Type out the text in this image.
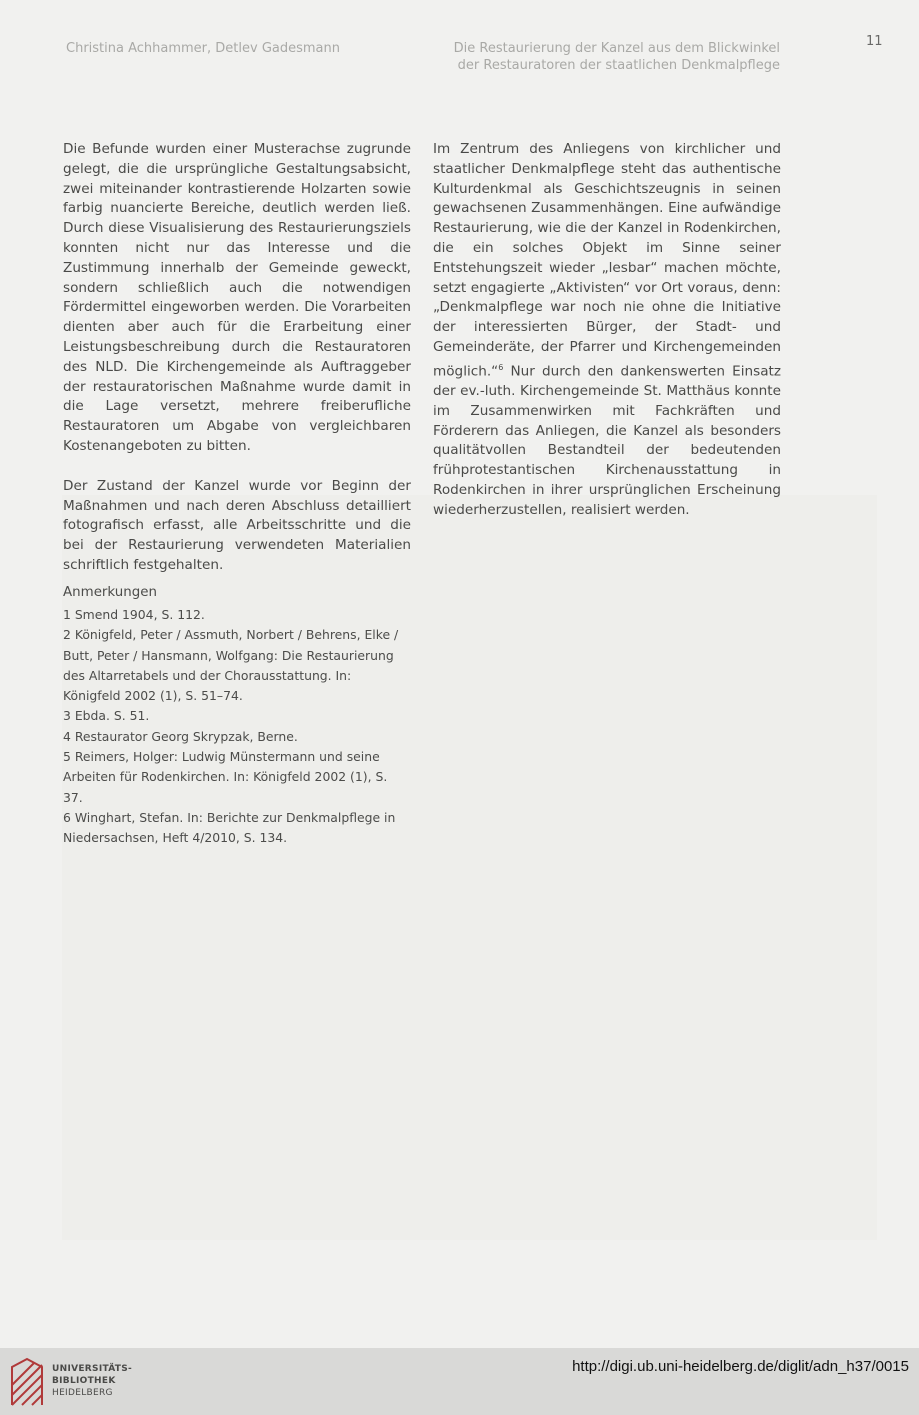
Christina Achhammer, Detlev Gadesmann	Die Restaurierung der Kanzel aus dem Blickwinkel
der Restauratoren der staatlichen Denkmalpflege
11

Die Befunde wurden einer Musterachse zugrunde gelegt, die die ursprüngliche Gestaltungsabsicht, zwei miteinander kontrastierende Holzarten sowie farbig nuancierte Bereiche, deutlich werden ließ. Durch diese Visualisierung des Restaurierungsziels konnten nicht nur das Interesse und die Zustimmung innerhalb der Gemeinde geweckt, sondern schließlich auch die notwendigen Fördermittel eingeworben werden. Die Vorarbeiten dienten aber auch für die Erarbeitung einer Leistungsbeschreibung durch die Restauratoren des NLD. Die Kirchengemeinde als Auftraggeber der restauratorischen Maßnahme wurde damit in die Lage versetzt, mehrere freiberufliche Restauratoren um Abgabe von vergleichbaren Kostenangeboten zu bitten.

Der Zustand der Kanzel wurde vor Beginn der Maßnahmen und nach deren Abschluss detailliert fotografisch erfasst, alle Arbeitsschritte und die bei der Restaurierung verwendeten Materialien schriftlich festgehalten.

Im Zentrum des Anliegens von kirchlicher und staatlicher Denkmalpflege steht das authentische Kulturdenkmal als Geschichtszeugnis in seinen gewachsenen Zusammenhängen. Eine aufwändige Restaurierung, wie die der Kanzel in Rodenkirchen, die ein solches Objekt im Sinne seiner Entstehungszeit wieder „lesbar“ machen möchte, setzt engagierte „Aktivisten“ vor Ort voraus, denn: „Denkmalpflege war noch nie ohne die Initiative der interessierten Bürger, der Stadt- und Gemeinderäte, der Pfarrer und Kirchengemeinden möglich.“$^6$ Nur durch den dankenswerten Einsatz der ev.-luth. Kirchengemeinde St. Matthäus konnte im Zusammenwirken mit Fachkräften und Förderern das Anliegen, die Kanzel als besonders qualitätvollen Bestandteil der bedeutenden frühprotestantischen Kirchenausstattung in Rodenkirchen in ihrer ursprünglichen Erscheinung wiederherzustellen, realisiert werden.

Anmerkungen
1 Smend 1904, S. 112.
2 Königfeld, Peter / Assmuth, Norbert / Behrens, Elke / Butt, Peter / Hansmann, Wolfgang: Die Restaurierung des Altarretabels und der Chorausstattung. In: Königfeld 2002 (1), S. 51–74.
3 Ebda. S. 51.
4 Restaurator Georg Skrypzak, Berne.
5 Reimers, Holger: Ludwig Münstermann und seine Arbeiten für Rodenkirchen. In: Königfeld 2002 (1), S. 37.
6 Winghart, Stefan. In: Berichte zur Denkmalpflege in Niedersachsen, Heft 4/2010, S. 134.
UNIVERSITÄTS-
BIBLIOTHEK
HEIDELBERG
http://digi.ub.uni-heidelberg.de/diglit/adn_h37/0015
